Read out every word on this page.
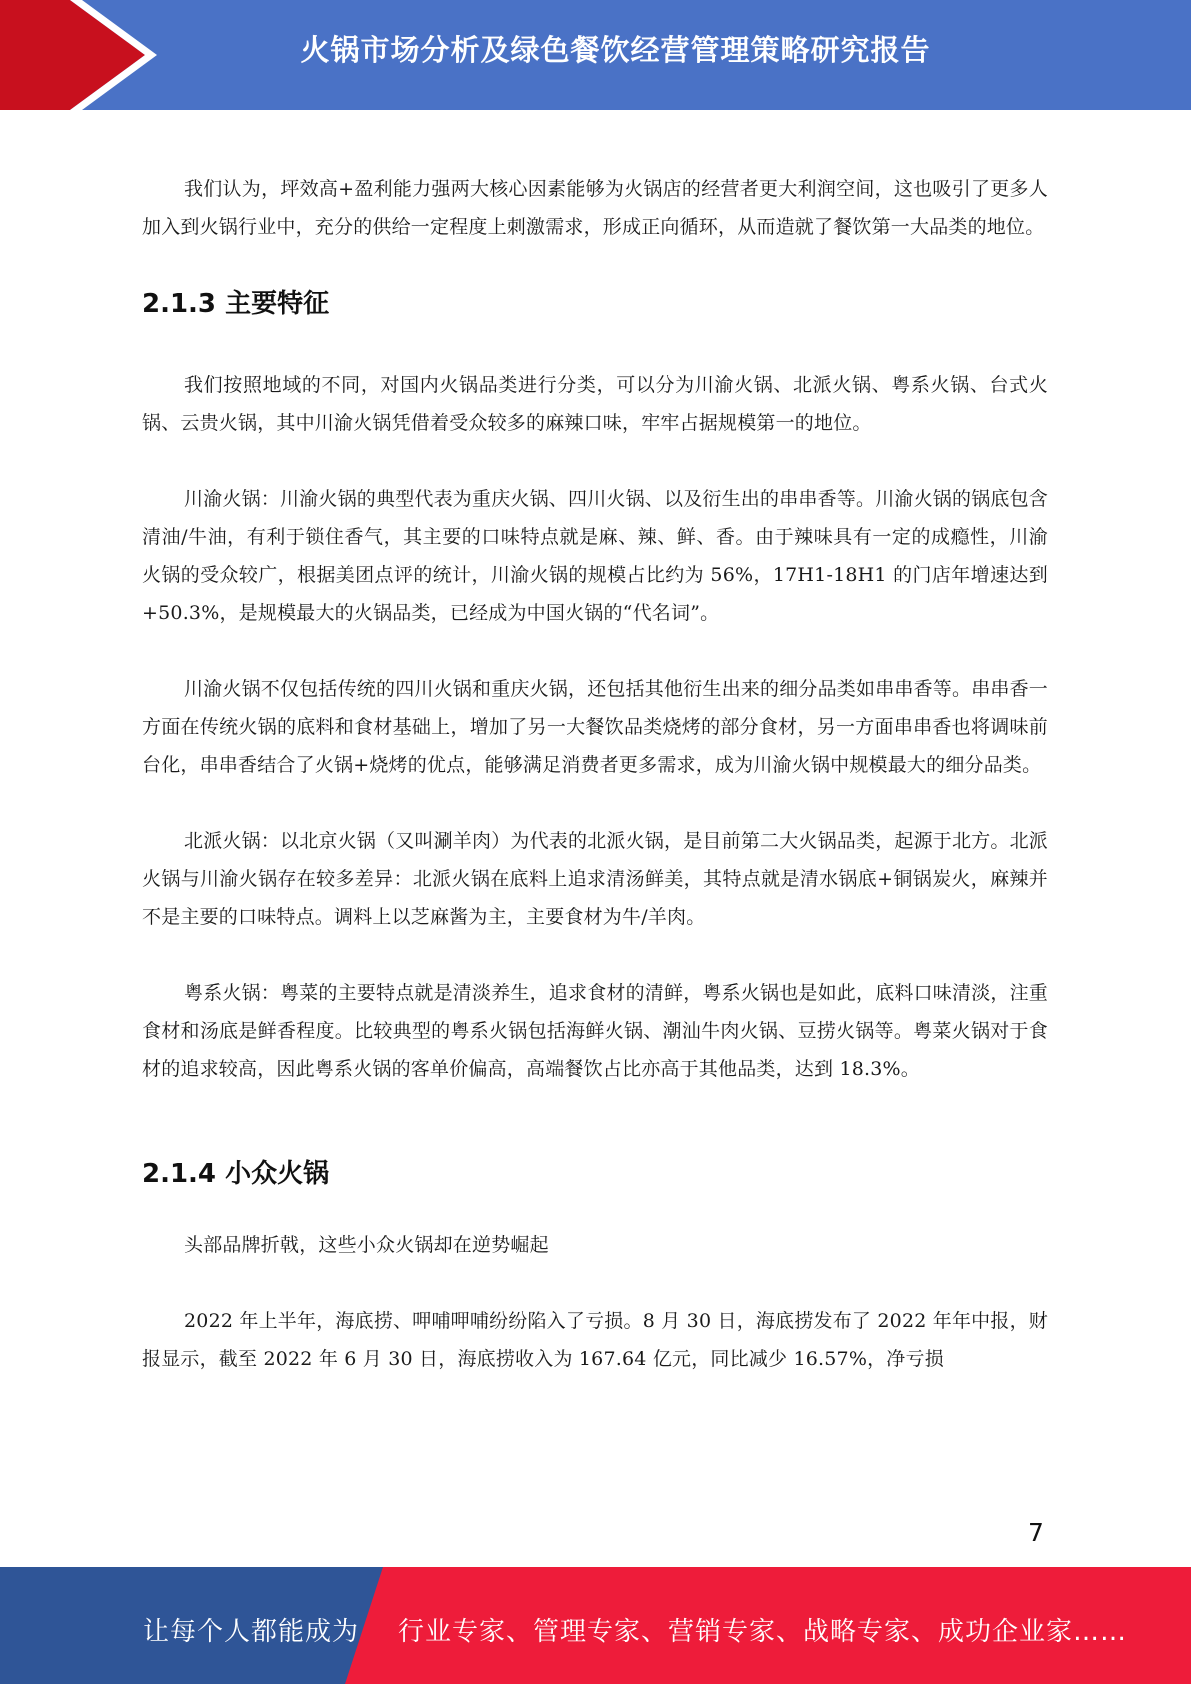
火锅市场分析及绿色餐饮经营管理策略研究报告

我们认为，坪效高+盈利能力强两大核心因素能够为火锅店的经营者更大利润空间，这也吸引了更多人加入到火锅行业中，充分的供给一定程度上刺激需求，形成正向循环，从而造就了餐饮第一大品类的地位。

2.1.3 主要特征

我们按照地域的不同，对国内火锅品类进行分类，可以分为川渝火锅、北派火锅、粤系火锅、台式火锅、云贵火锅，其中川渝火锅凭借着受众较多的麻辣口味，牢牢占据规模第一的地位。

川渝火锅：川渝火锅的典型代表为重庆火锅、四川火锅、以及衍生出的串串香等。川渝火锅的锅底包含清油/牛油，有利于锁住香气，其主要的口味特点就是麻、辣、鲜、香。由于辣味具有一定的成瘾性，川渝火锅的受众较广，根据美团点评的统计，川渝火锅的规模占比约为 56%，17H1-18H1 的门店年增速达到+50.3%，是规模最大的火锅品类，已经成为中国火锅的“代名词”。

川渝火锅不仅包括传统的四川火锅和重庆火锅，还包括其他衍生出来的细分品类如串串香等。串串香一方面在传统火锅的底料和食材基础上，增加了另一大餐饮品类烧烤的部分食材，另一方面串串香也将调味前台化，串串香结合了火锅+烧烤的优点，能够满足消费者更多需求，成为川渝火锅中规模最大的细分品类。

北派火锅：以北京火锅（又叫涮羊肉）为代表的北派火锅，是目前第二大火锅品类，起源于北方。北派火锅与川渝火锅存在较多差异：北派火锅在底料上追求清汤鲜美，其特点就是清水锅底+铜锅炭火，麻辣并不是主要的口味特点。调料上以芝麻酱为主，主要食材为牛/羊肉。

粤系火锅：粤菜的主要特点就是清淡养生，追求食材的清鲜，粤系火锅也是如此，底料口味清淡，注重食材和汤底是鲜香程度。比较典型的粤系火锅包括海鲜火锅、潮汕牛肉火锅、豆捞火锅等。粤菜火锅对于食材的追求较高，因此粤系火锅的客单价偏高，高端餐饮占比亦高于其他品类，达到 18.3%。

2.1.4 小众火锅

头部品牌折戟，这些小众火锅却在逆势崛起

2022 年上半年，海底捞、呷哺呷哺纷纷陷入了亏损。8 月 30 日，海底捞发布了 2022 年年中报，财报显示，截至 2022 年 6 月 30 日，海底捞收入为 167.64 亿元，同比减少 16.57%，净亏损

7
让每个人都能成为 行业专家、管理专家、营销专家、战略专家、成功企业家……
